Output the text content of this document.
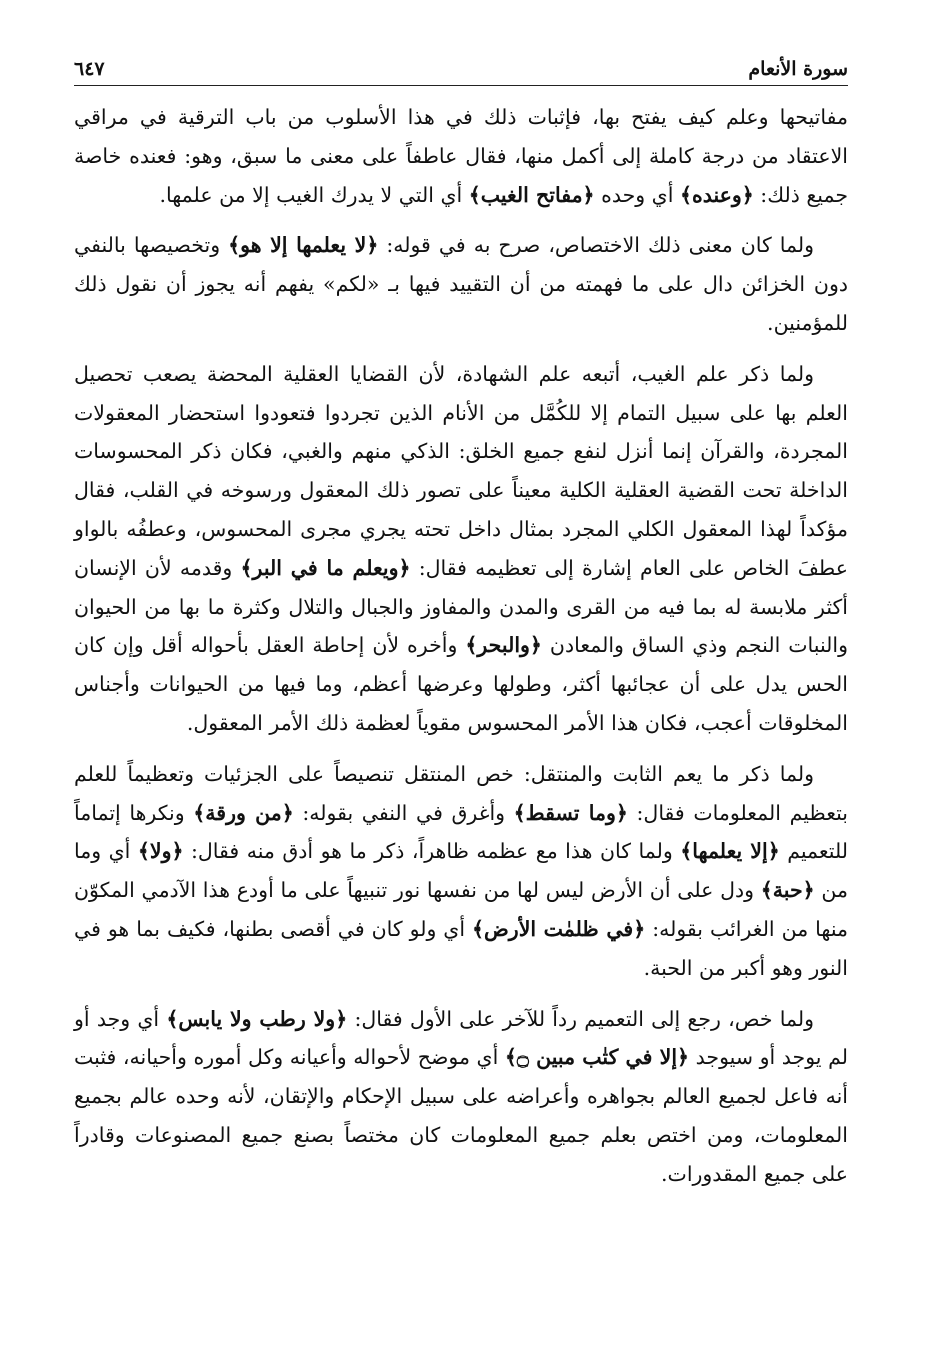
سورة الأنعام
٦٤٧

مفاتيحها وعلم كيف يفتح بها، فإثبات ذلك في هذا الأسلوب من باب الترقية في مراقي الاعتقاد من درجة كاملة إلى أكمل منها، فقال عاطفاً على معنى ما سبق، وهو: فعنده خاصة جميع ذلك: ﴿وعنده﴾ أي وحده ﴿مفاتح الغيب﴾ أي التي لا يدرك الغيب إلا من علمها.

ولما كان معنى ذلك الاختصاص، صرح به في قوله: ﴿لا يعلمها إلا هو﴾ وتخصيصها بالنفي دون الخزائن دال على ما فهمته من أن التقييد فيها بـ «لكم» يفهم أنه يجوز أن نقول ذلك للمؤمنين.

ولما ذكر علم الغيب، أتبعه علم الشهادة، لأن القضايا العقلية المحضة يصعب تحصيل العلم بها على سبيل التمام إلا للكُمَّل من الأنام الذين تجردوا فتعودوا استحضار المعقولات المجردة، والقرآن إنما أنزل لنفع جميع الخلق: الذكي منهم والغبي، فكان ذكر المحسوسات الداخلة تحت القضية العقلية الكلية معيناً على تصور ذلك المعقول ورسوخه في القلب، فقال مؤكداً لهذا المعقول الكلي المجرد بمثال داخل تحته يجري مجرى المحسوس، وعطفُه بالواو عطفَ الخاص على العام إشارة إلى تعظيمه فقال: ﴿ويعلم ما في البر﴾ وقدمه لأن الإنسان أكثر ملابسة له بما فيه من القرى والمدن والمفاوز والجبال والتلال وكثرة ما بها من الحيوان والنبات النجم وذي الساق والمعادن ﴿والبحر﴾ وأخره لأن إحاطة العقل بأحواله أقل وإن كان الحس يدل على أن عجائبها أكثر، وطولها وعرضها أعظم، وما فيها من الحيوانات وأجناس المخلوقات أعجب، فكان هذا الأمر المحسوس مقوياً لعظمة ذلك الأمر المعقول.

ولما ذكر ما يعم الثابت والمنتقل: خص المنتقل تنصيصاً على الجزئيات وتعظيماً للعلم بتعظيم المعلومات فقال: ﴿وما تسقط﴾ وأغرق في النفي بقوله: ﴿من ورقة﴾ ونكرها إتماماً للتعميم ﴿إلا يعلمها﴾ ولما كان هذا مع عظمه ظاهراً، ذكر ما هو أدق منه فقال: ﴿ولا﴾ أي وما من ﴿حبة﴾ ودل على أن الأرض ليس لها من نفسها نور تنبيهاً على ما أودع هذا الآدمي المكوّن منها من الغرائب بقوله: ﴿في ظلمٰت الأرض﴾ أي ولو كان في أقصى بطنها، فكيف بما هو في النور وهو أكبر من الحبة.

ولما خص، رجع إلى التعميم رداً للآخر على الأول فقال: ﴿ولا رطب ولا يابس﴾ أي وجد أو لم يوجد أو سيوجد ﴿إلا في كتٰب مبين ۝﴾ أي موضح لأحواله وأعيانه وكل أموره وأحيانه، فثبت أنه فاعل لجميع العالم بجواهره وأعراضه على سبيل الإحكام والإتقان، لأنه وحده عالم بجميع المعلومات، ومن اختص بعلم جميع المعلومات كان مختصاً بصنع جميع المصنوعات وقادراً على جميع المقدورات.
